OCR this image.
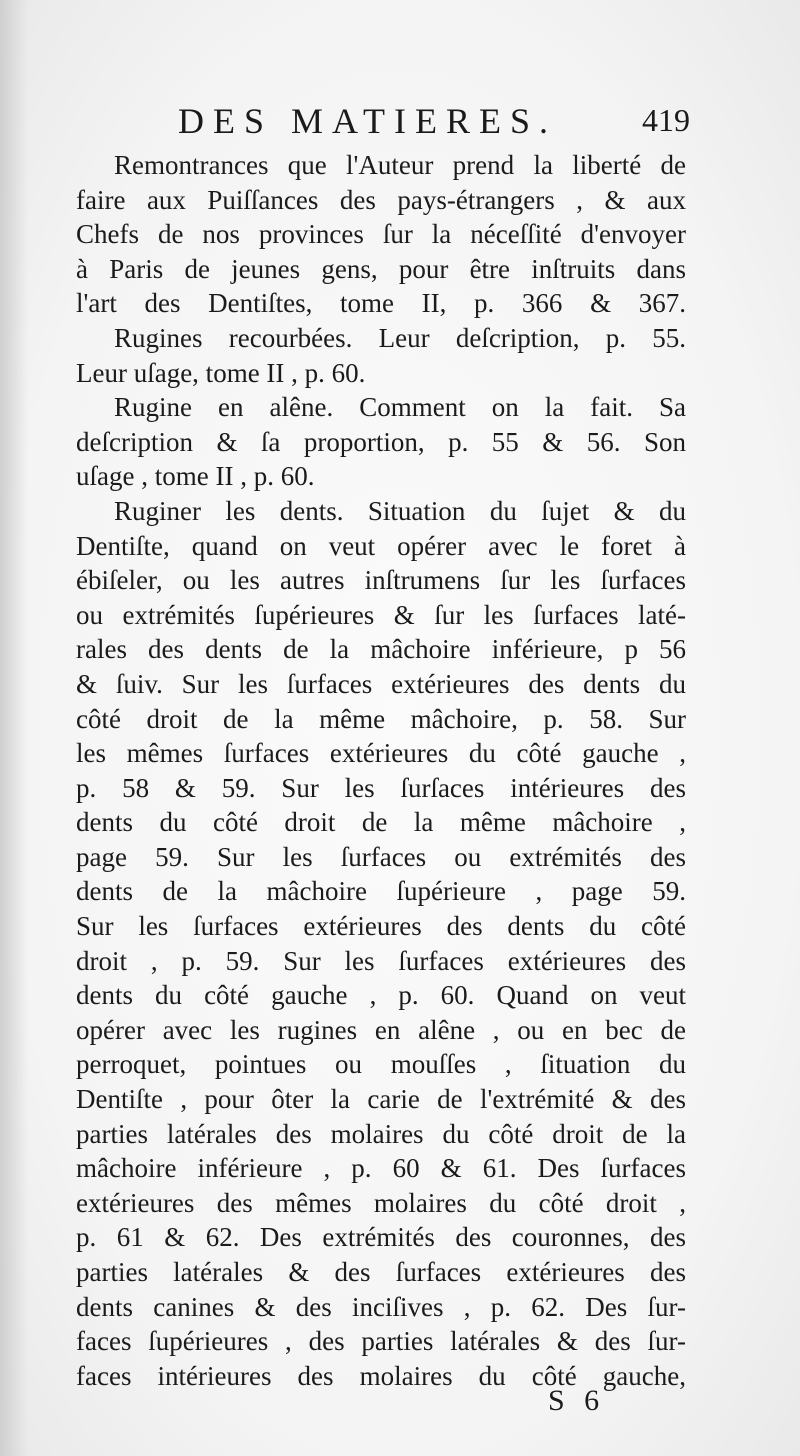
DES MATIERES.	419
Remontrances que l'Auteur prend la liberté de
faire aux Puiſſances des pays-étrangers , & aux
Chefs de nos provinces ſur la néceſſité d'envoyer
à Paris de jeunes gens, pour être inſtruits dans
l'art des Dentiſtes, tome II, p. 366 & 367.
Rugines recourbées. Leur deſcription, p. 55.
Leur uſage, tome II , p. 60.
Rugine en alêne. Comment on la fait. Sa
deſcription & ſa proportion, p. 55 & 56. Son
uſage , tome II , p. 60.
Ruginer les dents. Situation du ſujet & du
Dentiſte, quand on veut opérer avec le foret à
ébiſeler, ou les autres inſtrumens ſur les ſurfaces
ou extrémités ſupérieures & ſur les ſurfaces laté-
rales des dents de la mâchoire inférieure, p 56
& ſuiv. Sur les ſurfaces extérieures des dents du
côté droit de la même mâchoire, p. 58. Sur
les mêmes ſurfaces extérieures du côté gauche ,
p. 58 & 59. Sur les ſurſaces intérieures des
dents du côté droit de la même mâchoire ,
page 59. Sur les ſurfaces ou extrémités des
dents de la mâchoire ſupérieure , page 59.
Sur les ſurfaces extérieures des dents du côté
droit , p. 59. Sur les ſurfaces extérieures des
dents du côté gauche , p. 60. Quand on veut
opérer avec les rugines en alêne , ou en bec de
perroquet, pointues ou mouſſes , ſituation du
Dentiſte , pour ôter la carie de l'extrémité & des
parties latérales des molaires du côté droit de la
mâchoire inférieure , p. 60 & 61. Des ſurfaces
extérieures des mêmes molaires du côté droit ,
p. 61 & 62. Des extrémités des couronnes, des
parties latérales & des ſurfaces extérieures des
dents canines & des inciſives , p. 62. Des ſur-
faces ſupérieures , des parties latérales & des ſur-
faces intérieures des molaires du côté gauche,
S 6
